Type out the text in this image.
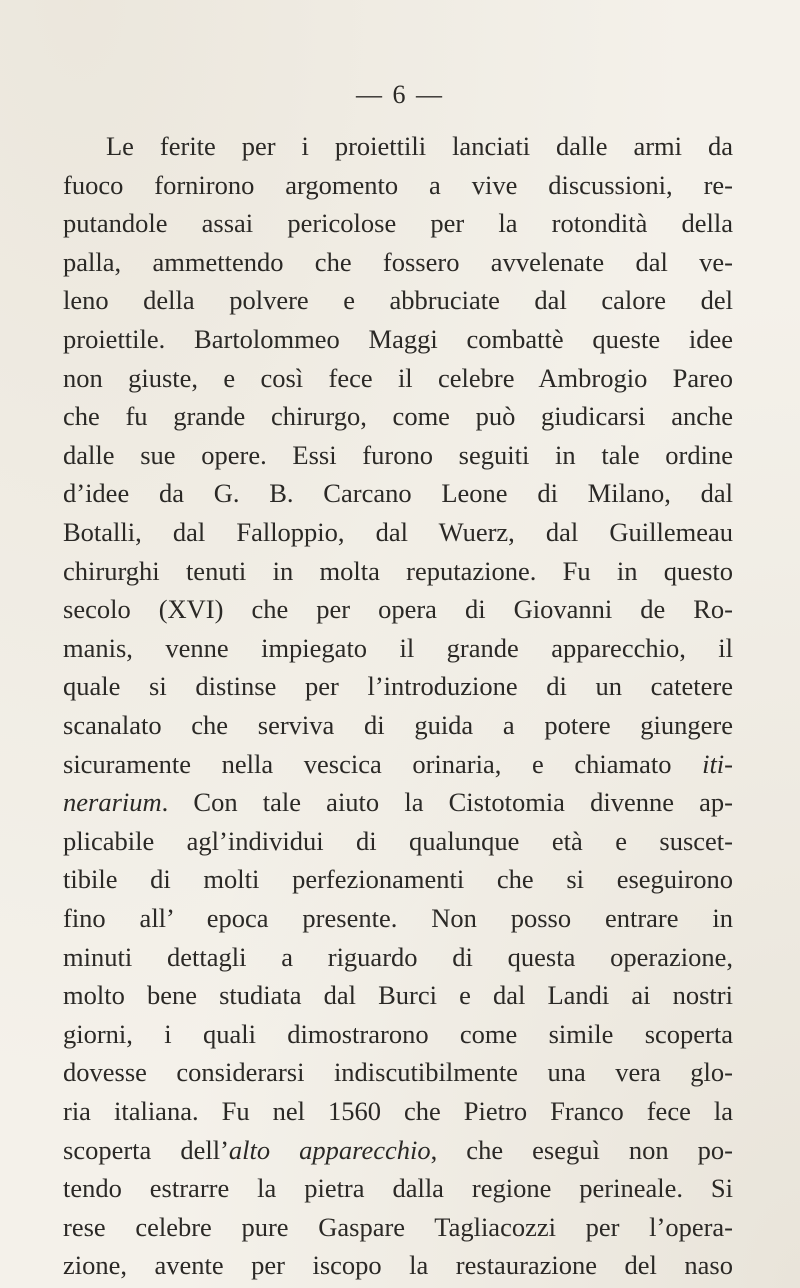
— 6 —
Le ferite per i proiettili lanciati dalle armi da
fuoco fornirono argomento a vive discussioni, re-
putandole assai pericolose per la rotondità della
palla, ammettendo che fossero avvelenate dal ve-
leno della polvere e abbruciate dal calore del
proiettile. Bartolommeo Maggi combattè queste idee
non giuste, e così fece il celebre Ambrogio Pareo
che fu grande chirurgo, come può giudicarsi anche
dalle sue opere. Essi furono seguiti in tale ordine
d’idee da G. B. Carcano Leone di Milano, dal
Botalli, dal Falloppio, dal Wuerz, dal Guillemeau
chirurghi tenuti in molta reputazione. Fu in questo
secolo (XVI) che per opera di Giovanni de Ro-
manis, venne impiegato il grande apparecchio, il
quale si distinse per l’introduzione di un catetere
scanalato che serviva di guida a potere giungere
sicuramente nella vescica orinaria, e chiamato iti-
nerarium. Con tale aiuto la Cistotomia divenne ap-
plicabile agl’individui di qualunque età e suscet-
tibile di molti perfezionamenti che si eseguirono
fino all’ epoca presente. Non posso entrare in
minuti dettagli a riguardo di questa operazione,
molto bene studiata dal Burci e dal Landi ai nostri
giorni, i quali dimostrarono come simile scoperta
dovesse considerarsi indiscutibilmente una vera glo-
ria italiana. Fu nel 1560 che Pietro Franco fece la
scoperta dell’alto apparecchio, che eseguì non po-
tendo estrarre la pietra dalla regione perineale. Si
rese celebre pure Gaspare Tagliacozzi per l’opera-
zione, avente per iscopo la restaurazione del naso
